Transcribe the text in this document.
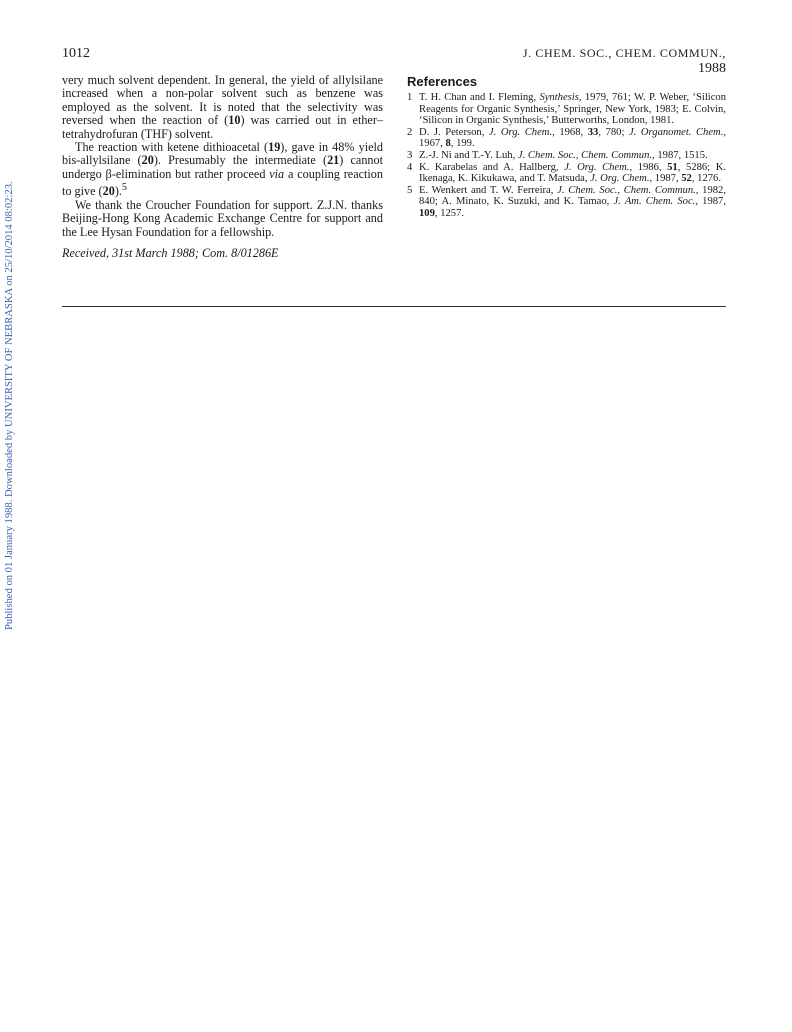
1012	J. CHEM. SOC., CHEM. COMMUN., 1988
Published on 01 January 1988. Downloaded by UNIVERSITY OF NEBRASKA on 25/10/2014 08:02:23.

very much solvent dependent. In general, the yield of allylsilane increased when a non-polar solvent such as benzene was employed as the solvent. It is noted that the selectivity was reversed when the reaction of (10) was carried out in ether–tetrahydrofuran (THF) solvent.

The reaction with ketene dithioacetal (19), gave in 48% yield bis-allylsilane (20). Presumably the intermediate (21) cannot undergo β-elimination but rather proceed via a coupling reaction to give (20).$^5$

We thank the Croucher Foundation for support. Z.J.N. thanks Beijing-Hong Kong Academic Exchange Centre for support and the Lee Hysan Foundation for a fellowship.

Received, 31st March 1988; Com. 8/01286E

References
1 T. H. Chan and I. Fleming, Synthesis, 1979, 761; W. P. Weber, ‘Silicon Reagents for Organic Synthesis,’ Springer, New York, 1983; E. Colvin, ‘Silicon in Organic Synthesis,’ Butterworths, London, 1981.
2 D. J. Peterson, J. Org. Chem., 1968, 33, 780; J. Organomet. Chem., 1967, 8, 199.
3 Z.-J. Ni and T.-Y. Luh, J. Chem. Soc., Chem. Commun., 1987, 1515.
4 K. Karabelas and A. Hallberg, J. Org. Chem., 1986, 51, 5286; K. Ikenaga, K. Kikukawa, and T. Matsuda, J. Org. Chem., 1987, 52, 1276.
5 E. Wenkert and T. W. Ferreira, J. Chem. Soc., Chem. Commun., 1982, 840; A. Minato, K. Suzuki, and K. Tamao, J. Am. Chem. Soc., 1987, 109, 1257.
